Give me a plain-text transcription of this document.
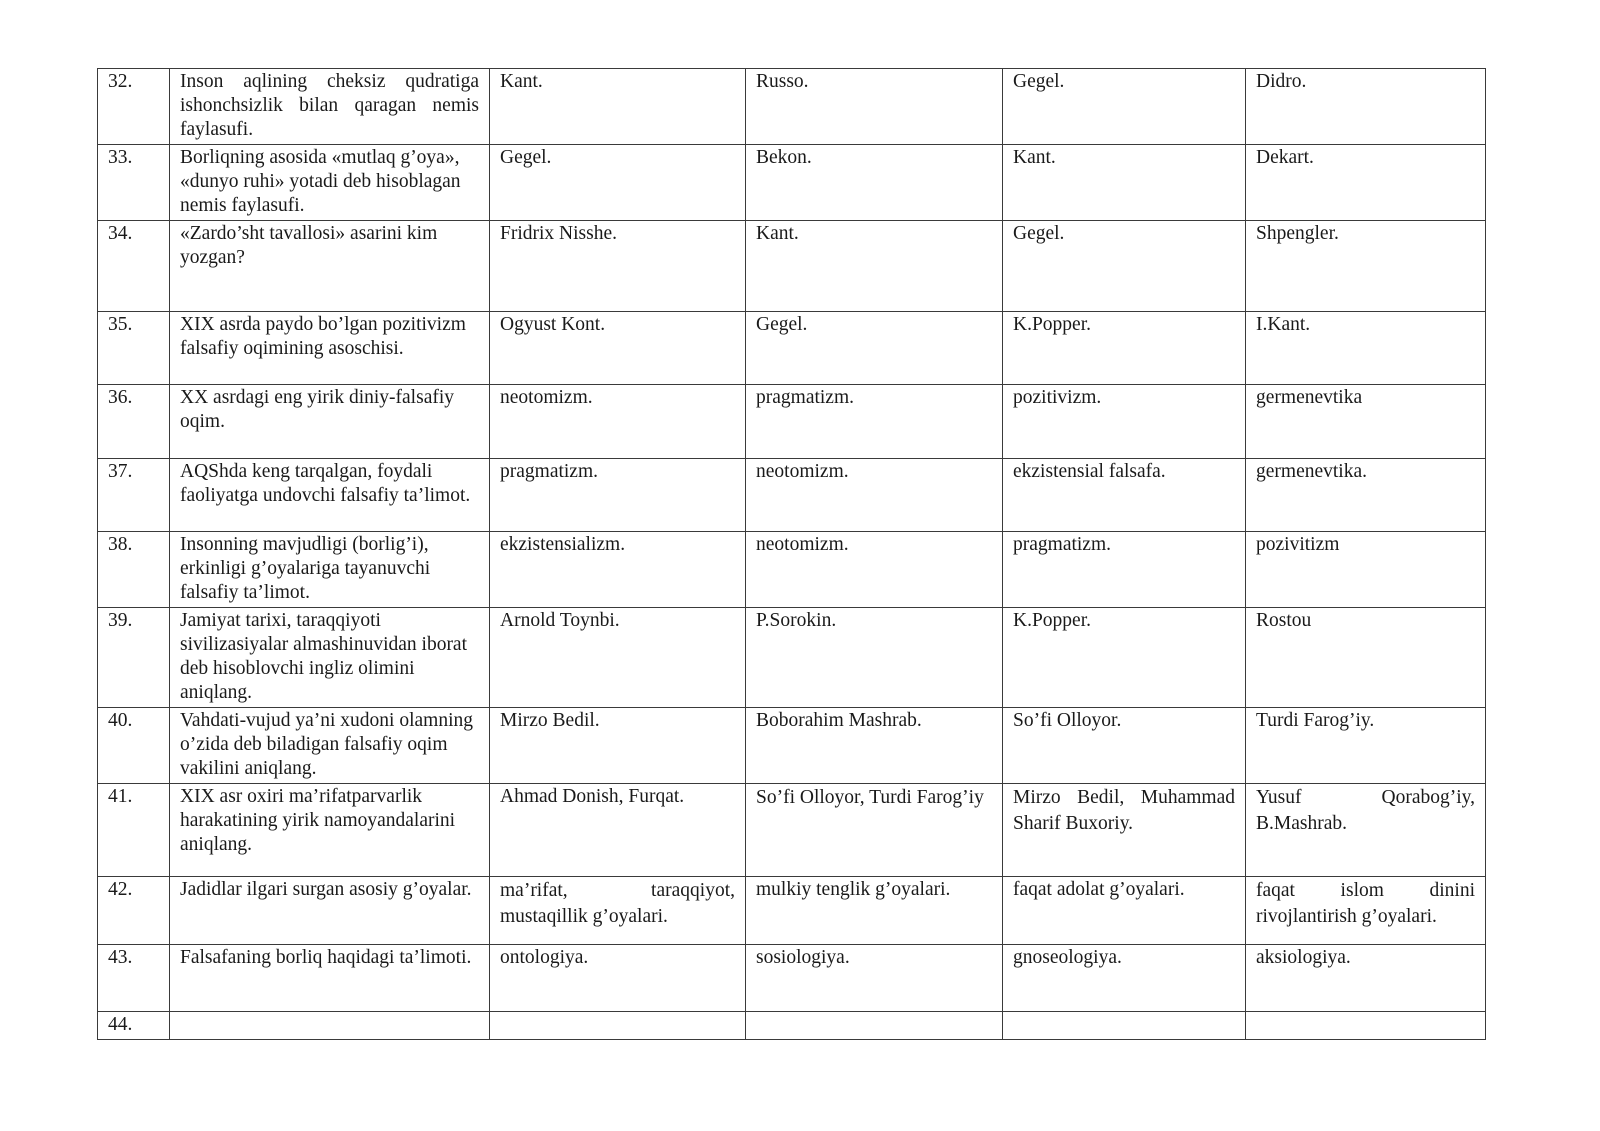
32.	Inson aqlining cheksiz qudratiga ishonchsizlik bilan qaragan nemis faylasufi.	Kant.	Russo.	Gegel.	Didro.
33.	Borliqning asosida «mutlaq g’oya», «dunyo ruhi» yotadi deb hisoblagan nemis faylasufi.	Gegel.	Bekon.	Kant.	Dekart.
34.	«Zardo’sht tavallosi» asarini kim yozgan?	Fridrix Nisshe.	Kant.	Gegel.	Shpengler.
35.	XIX asrda paydo bo’lgan pozitivizm falsafiy oqimining asoschisi.	Ogyust Kont.	Gegel.	K.Popper.	I.Kant.
36.	XX asrdagi eng yirik diniy-falsafiy oqim.	neotomizm.	pragmatizm.	pozitivizm.	germenevtika
37.	AQShda keng tarqalgan, foydali faoliyatga undovchi falsafiy ta’limot.	pragmatizm.	neotomizm.	ekzistensial falsafa.	germenevtika.
38.	Insonning mavjudligi (borlig’i), erkinligi g’oyalariga tayanuvchi falsafiy ta’limot.	ekzistensializm.	neotomizm.	pragmatizm.	pozivitizm
39.	Jamiyat tarixi, taraqqiyoti sivilizasiyalar almashinuvidan iborat deb hisoblovchi ingliz olimini aniqlang.	Arnold Toynbi.	P.Sorokin.	K.Popper.	Rostou
40.	Vahdati-vujud ya’ni xudoni olamning o’zida deb biladigan falsafiy oqim vakilini aniqlang.	Mirzo Bedil.	Boborahim Mashrab.	So’fi Olloyor.	Turdi Farog’iy.
41.	XIX asr oxiri ma’rifatparvarlik harakatining yirik namoyandalarini aniqlang.	Ahmad Donish, Furqat.	So’fi Olloyor, Turdi Farog’iy	Mirzo Bedil, Muhammad Sharif Buxoriy.	Yusuf Qorabog’iy, B.Mashrab.
42.	Jadidlar ilgari surgan asosiy g’oyalar.	ma’rifat, taraqqiyot, mustaqillik g’oyalari.	mulkiy tenglik g’oyalari.	faqat adolat g’oyalari.	faqat islom dinini rivojlantirish g’oyalari.
43.	Falsafaning borliq haqidagi ta’limoti.	ontologiya.	sosiologiya.	gnoseologiya.	aksiologiya.
44.					
